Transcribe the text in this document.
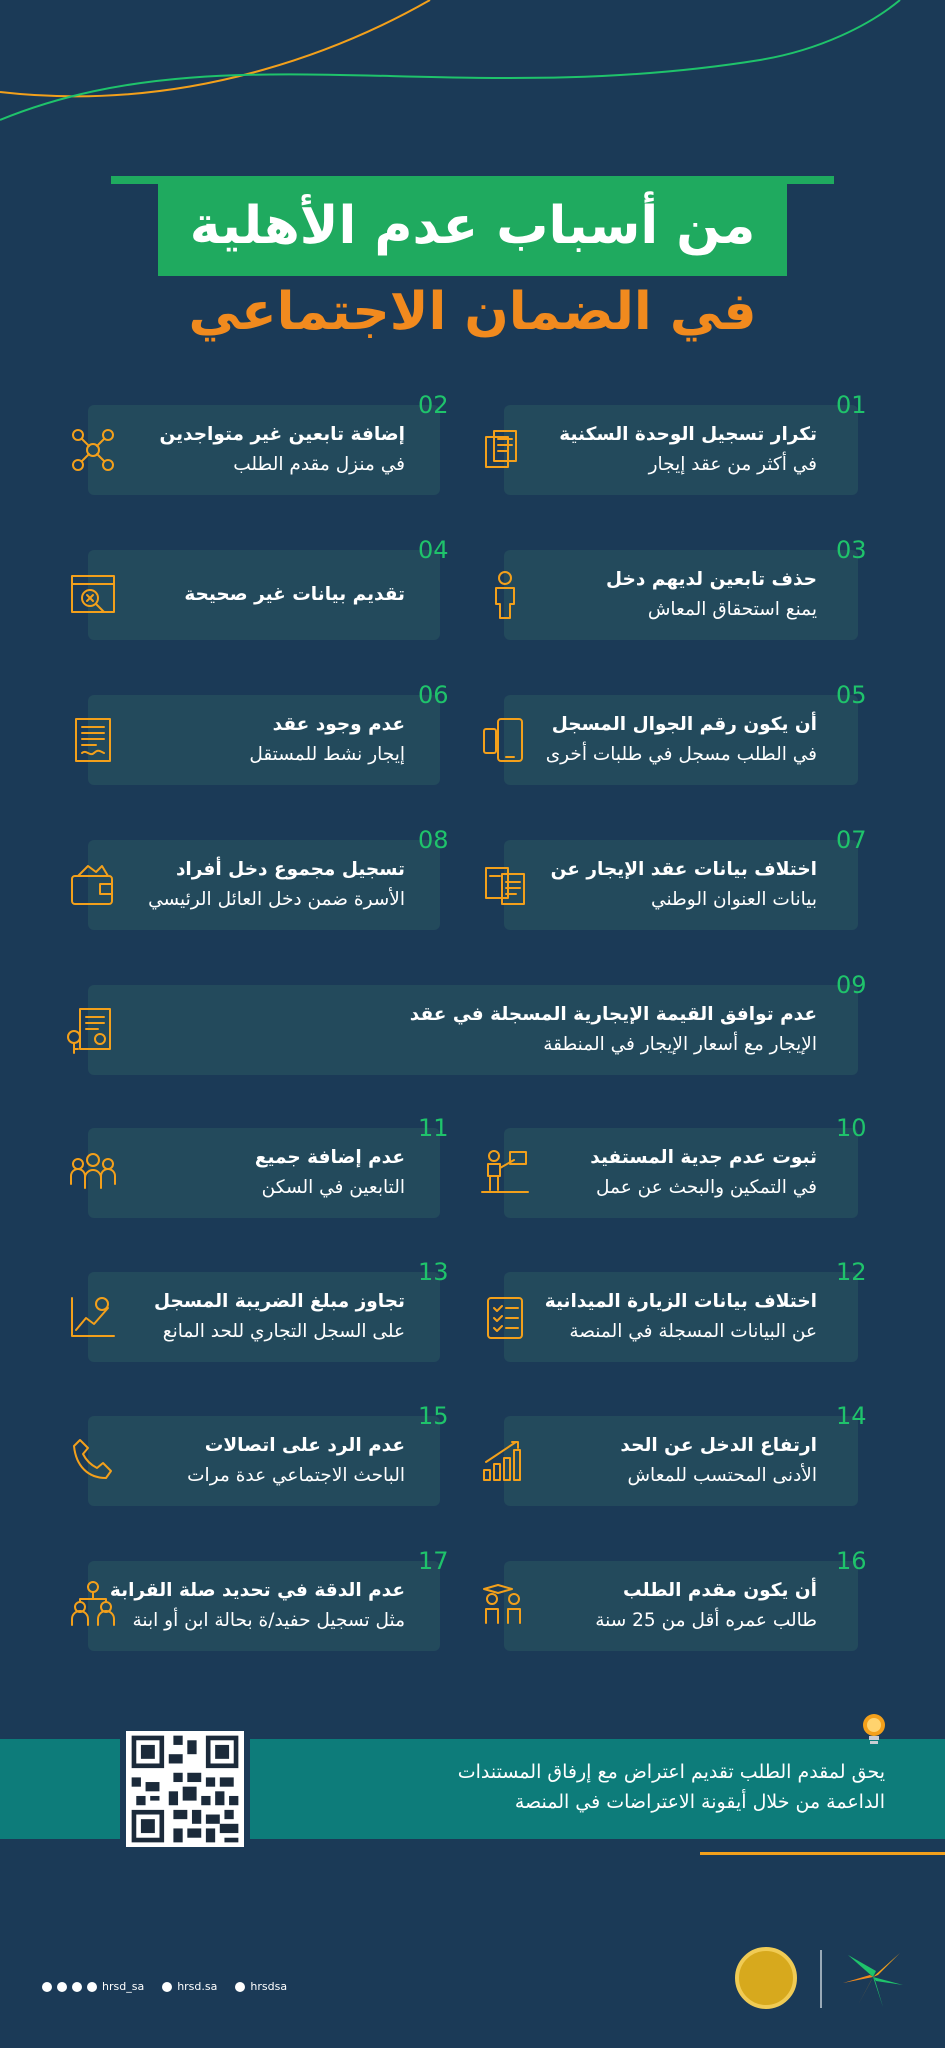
من أسباب عدم الأهلية
في الضمان الاجتماعي
01
تكرار تسجيل الوحدة السكنية
في أكثر من عقد إيجار
02
إضافة تابعين غير متواجدين
في منزل مقدم الطلب
03
حذف تابعين لديهم دخل
يمنع استحقاق المعاش
04
تقديم بيانات غير صحيحة
05
أن يكون رقم الجوال المسجل
في الطلب مسجل في طلبات أخرى
06
عدم وجود عقد
إيجار نشط للمستقل
07
اختلاف بيانات عقد الإيجار عن
بيانات العنوان الوطني
08
تسجيل مجموع دخل أفراد
الأسرة ضمن دخل العائل الرئيسي
09
عدم توافق القيمة الإيجارية المسجلة في عقد
الإيجار مع أسعار الإيجار في المنطقة
10
ثبوت عدم جدية المستفيد
في التمكين والبحث عن عمل
11
عدم إضافة جميع
التابعين في السكن
12
اختلاف بيانات الزيارة الميدانية
عن البيانات المسجلة في المنصة
13
تجاوز مبلغ الضريبة المسجل
على السجل التجاري للحد المانع
14
ارتفاع الدخل عن الحد
الأدنى المحتسب للمعاش
15
عدم الرد على اتصالات
الباحث الاجتماعي عدة مرات
16
أن يكون مقدم الطلب
طالب عمره أقل من 25 سنة
17
عدم الدقة في تحديد صلة القرابة
مثل تسجيل حفيد/ة بحالة ابن أو ابنة
يحق لمقدم الطلب تقديم اعتراض مع إرفاق المستندات
الداعمة من خلال أيقونة الاعتراضات في المنصة
hrsd_sa	hrsd.sa	hrsdsa
